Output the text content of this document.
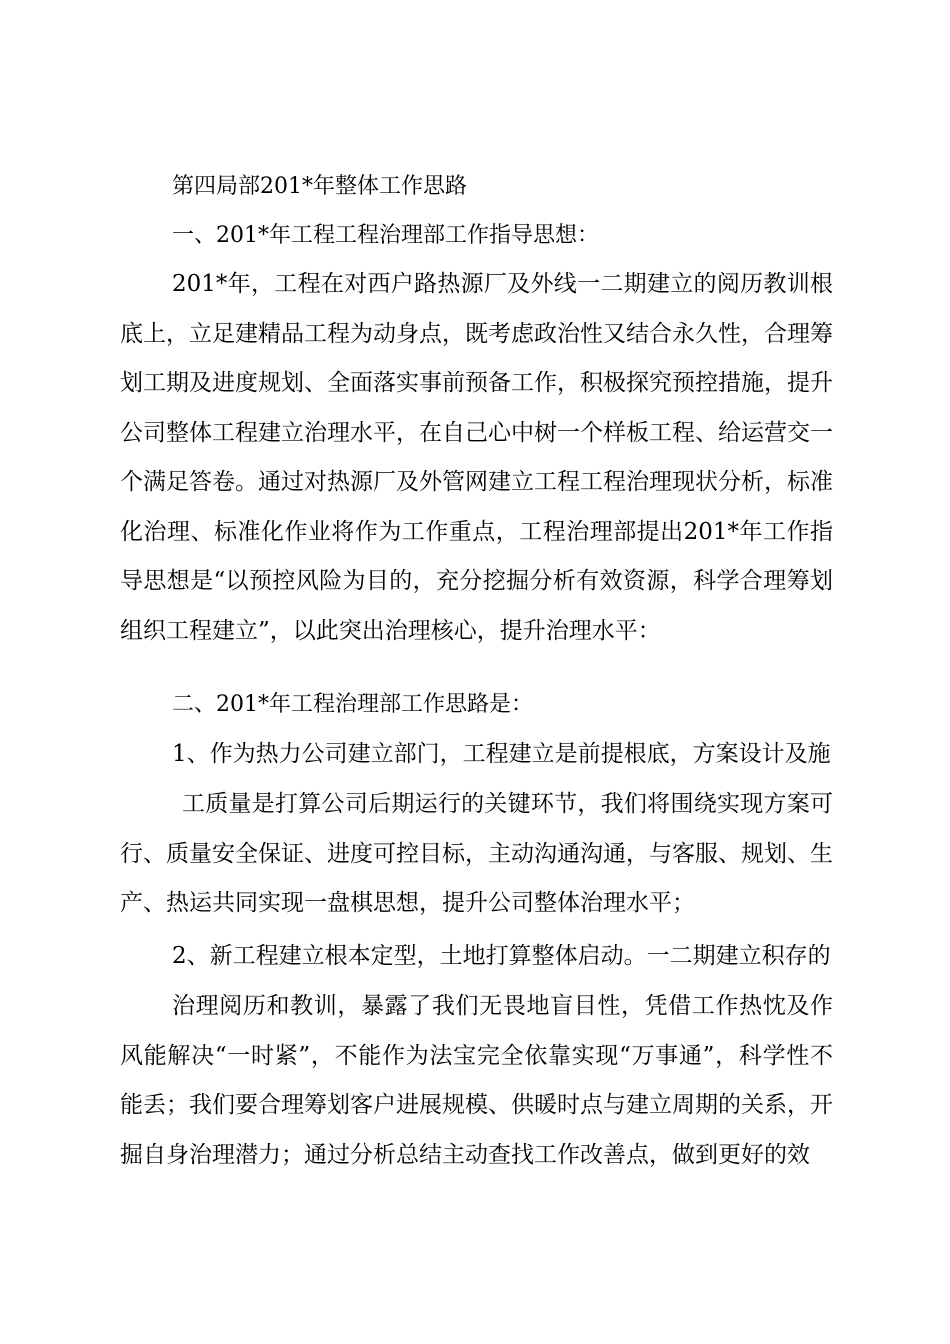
第四局部201*年整体工作思路

一、201*年工程工程治理部工作指导思想：

201*年，工程在对西户路热源厂及外线一二期建立的阅历教训根底上，立足建精品工程为动身点，既考虑政治性又结合永久性，合理筹划工期及进度规划、全面落实事前预备工作，积极探究预控措施，提升公司整体工程建立治理水平，在自己心中树一个样板工程、给运营交一个满足答卷。通过对热源厂及外管网建立工程工程治理现状分析，标准化治理、标准化作业将作为工作重点，工程治理部提出201*年工作指导思想是“以预控风险为目的，充分挖掘分析有效资源，科学合理筹划组织工程建立”，以此突出治理核心，提升治理水平：

二、201*年工程治理部工作思路是：

1、作为热力公司建立部门，工程建立是前提根底，方案设计及施

工质量是打算公司后期运行的关键环节，我们将围绕实现方案可行、质量安全保证、进度可控目标，主动沟通沟通，与客服、规划、生产、热运共同实现一盘棋思想，提升公司整体治理水平；

2、新工程建立根本定型，土地打算整体启动。一二期建立积存的

治理阅历和教训，暴露了我们无畏地盲目性，凭借工作热忱及作风能解决“一时紧”，不能作为法宝完全依靠实现“万事通”，科学性不能丢；我们要合理筹划客户进展规模、供暖时点与建立周期的关系，开掘自身治理潜力；通过分析总结主动查找工作改善点，做到更好的效
